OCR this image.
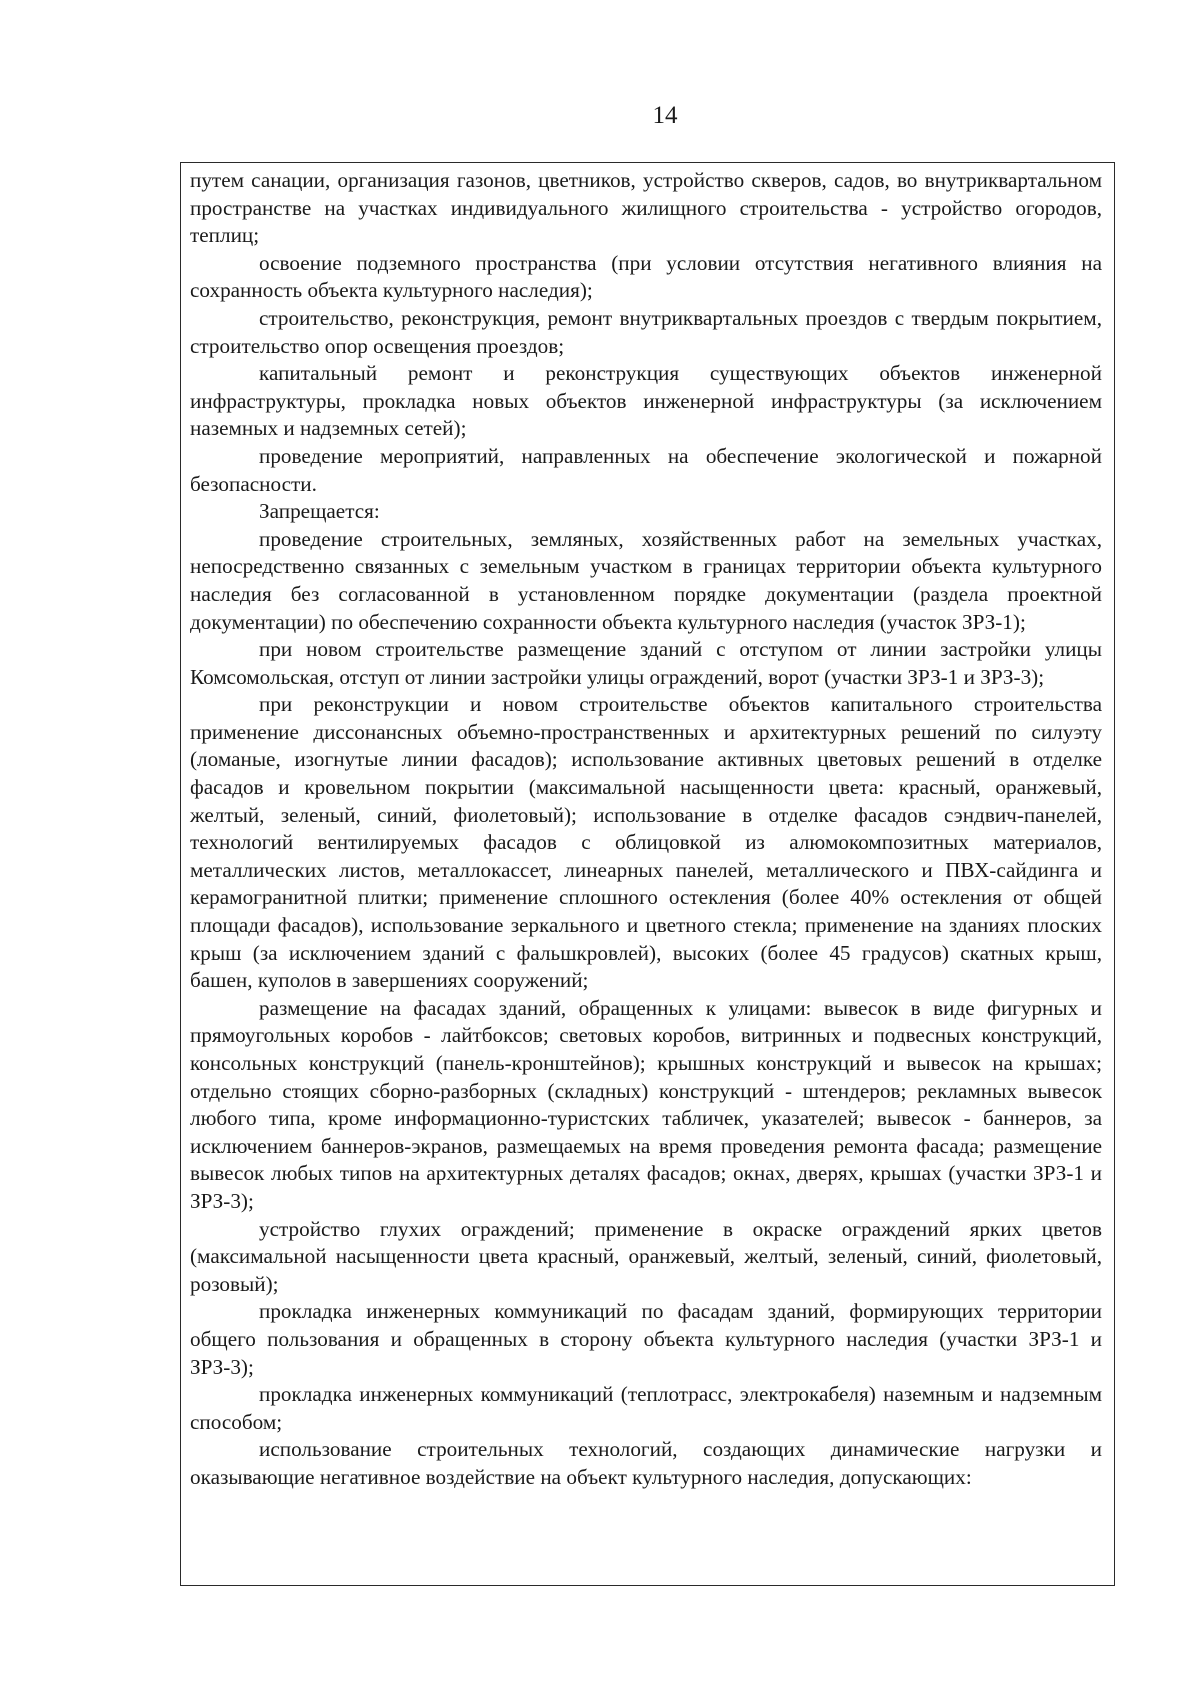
14

путем санации, организация газонов, цветников, устройство скверов, садов, во внутриквартальном пространстве на участках индивидуального жилищного строительства - устройство огородов, теплиц;

освоение подземного пространства (при условии отсутствия негативного влияния на сохранность объекта культурного наследия);

строительство, реконструкция, ремонт внутриквартальных проездов с твердым покрытием, строительство опор освещения проездов;

капитальный ремонт и реконструкция существующих объектов инженерной инфраструктуры, прокладка новых объектов инженерной инфраструктуры (за исключением наземных и надземных сетей);

проведение мероприятий, направленных на обеспечение экологической и пожарной безопасности.

Запрещается:

проведение строительных, земляных, хозяйственных работ на земельных участках, непосредственно связанных с земельным участком в границах территории объекта культурного наследия без согласованной в установленном порядке документации (раздела проектной документации) по обеспечению сохранности объекта культурного наследия (участок ЗРЗ-1);

при новом строительстве размещение зданий с отступом от линии застройки улицы Комсомольская, отступ от линии застройки улицы ограждений, ворот (участки ЗРЗ-1 и ЗРЗ-3);

при реконструкции и новом строительстве объектов капитального строительства применение диссонансных объемно-пространственных и архитектурных решений по силуэту (ломаные, изогнутые линии фасадов); использование активных цветовых решений в отделке фасадов и кровельном покрытии (максимальной насыщенности цвета: красный, оранжевый, желтый, зеленый, синий, фиолетовый); использование в отделке фасадов сэндвич-панелей, технологий вентилируемых фасадов с облицовкой из алюмокомпозитных материалов, металлических листов, металлокассет, линеарных панелей, металлического и ПВХ-сайдинга и керамогранитной плитки; применение сплошного остекления (более 40% остекления от общей площади фасадов), использование зеркального и цветного стекла; применение на зданиях плоских крыш (за исключением зданий с фальшкровлей), высоких (более 45 градусов) скатных крыш, башен, куполов в завершениях сооружений;

размещение на фасадах зданий, обращенных к улицами: вывесок в виде фигурных и прямоугольных коробов - лайтбоксов; световых коробов, витринных и подвесных конструкций, консольных конструкций (панель-кронштейнов); крышных конструкций и вывесок на крышах; отдельно стоящих сборно-разборных (складных) конструкций - штендеров; рекламных вывесок любого типа, кроме информационно-туристских табличек, указателей; вывесок - баннеров, за исключением баннеров-экранов, размещаемых на время проведения ремонта фасада; размещение вывесок любых типов на архитектурных деталях фасадов; окнах, дверях, крышах (участки ЗРЗ-1 и ЗРЗ-3);

устройство глухих ограждений; применение в окраске ограждений ярких цветов (максимальной насыщенности цвета красный, оранжевый, желтый, зеленый, синий, фиолетовый, розовый);

прокладка инженерных коммуникаций по фасадам зданий, формирующих территории общего пользования и обращенных в сторону объекта культурного наследия (участки ЗРЗ-1 и ЗРЗ-3);

прокладка инженерных коммуникаций (теплотрасс, электрокабеля) наземным и надземным способом;

использование строительных технологий, создающих динамические нагрузки и оказывающие негативное воздействие на объект культурного наследия, допускающих:
